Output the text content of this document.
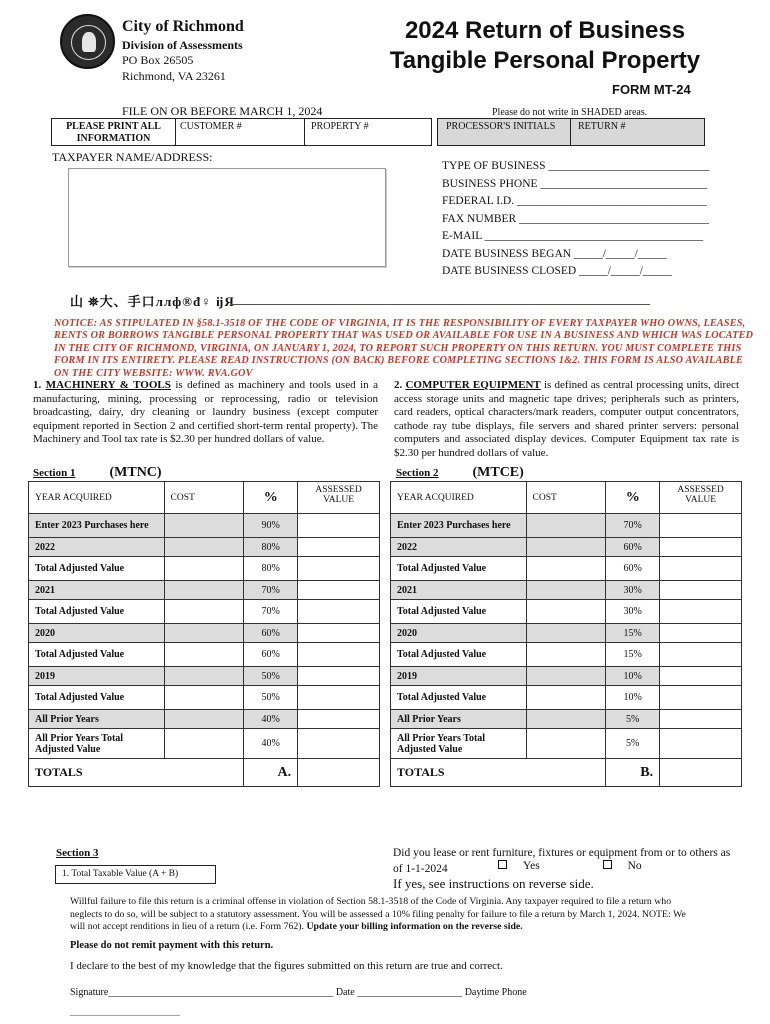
City of Richmond
Division of Assessments
PO Box 26505
Richmond, VA 23261
2024 Return of Business
Tangible Personal Property
FORM MT-24
FILE ON OR BEFORE MARCH 1, 2024	Please do not write in SHADED areas.
PLEASE PRINT ALL INFORMATION
CUSTOMER #	PROPERTY #	PROCESSOR'S INITIALS RETURN #
TAXPAYER NAME/ADDRESS:
TYPE OF BUSINESS ____________________________
BUSINESS PHONE _____________________________
FEDERAL I.D. _________________________________
FAX NUMBER _________________________________
E-MAIL ______________________________________
DATE BUSINESS BEGAN _____/_____/_____
DATE BUSINESS CLOSED _____/_____/_____
山 ⛯⼤、⼿口ллф®đ♀ ĳЯ
NOTICE: AS STIPULATED IN §58.1-3518 OF THE CODE OF VIRGINIA, IT IS THE RESPONSIBILITY OF EVERY TAXPAYER WHO OWNS, LEASES, RENTS OR BORROWS TANGIBLE PERSONAL PROPERTY THAT WAS USED OR AVAILABLE FOR USE IN A BUSINESS AND WHICH WAS LOCATED IN THE CITY OF RICHMOND, VIRGINIA, ON JANUARY 1, 2024, TO REPORT SUCH PROPERTY ON THIS RETURN. YOU MUST COMPLETE THIS FORM IN ITS ENTIRETY. PLEASE READ INSTRUCTIONS (ON BACK) BEFORE COMPLETING SECTIONS 1&2. THIS FORM IS ALSO AVAILABLE ON THE CITY WEBSITE: WWW. RVA.GOV
1. MACHINERY & TOOLS is defined as machinery and tools used in a manufacturing, mining, processing or reprocessing, radio or television broadcasting, dairy, dry cleaning or laundry business (except computer equipment reported in Section 2 and certified short-term rental property). The Machinery and Tool tax rate is $2.30 per hundred dollars of value.
2. COMPUTER EQUIPMENT is defined as central processing units, direct access storage units and magnetic tape drives; peripherals such as printers, card readers, optical characters/mark readers, computer output concentrators, cathode ray tube displays, file servers and shared printer servers: personal computers and associated display devices. Computer Equipment tax rate is $2.30 per hundred dollars of value.
Section 1 (MTNC)	Section 2 (MTCE)
YEAR ACQUIRED	COST	%	ASSESSED VALUE
Enter 2023 Purchases here		90%	
2022		80%	
Total Adjusted Value		80%	
2021		70%	
Total Adjusted Value		70%	
2020		60%	
Total Adjusted Value		60%	
2019		50%	
Total Adjusted Value		50%	
All Prior Years		40%	
All Prior Years Total Adjusted Value		40%	
TOTALS		A.	
YEAR ACQUIRED	COST	%	ASSESSED VALUE
Enter 2023 Purchases here		70%	
2022		60%	
Total Adjusted Value		60%	
2021		30%	
Total Adjusted Value		30%	
2020		15%	
Total Adjusted Value		15%	
2019		10%	
Total Adjusted Value		10%	
All Prior Years		5%	
All Prior Years Total Adjusted Value		5%	
TOTALS		B.	
Section 3
1. Total Taxable Value (A + B)
Did you lease or rent furniture, fixtures or equipment from or to others as of 1-1-2024	Yes	No
If yes, see instructions on reverse side.
Willful failure to file this return is a criminal offense in violation of Section 58.1-3518 of the Code of Virginia. Any taxpayer required to file a return who neglects to do so, will be subject to a statutory assessment. You will be assessed a 10% filing penalty for failure to file a return by March 1, 2024. NOTE: We will not accept renditions in lieu of a return (i.e. Form 762). Update your billing information on the reverse side.
Please do not remit payment with this return.
I declare to the best of my knowledge that the figures submitted on this return are true and correct.
Signature_____________________________________________ Date _____________________ Daytime Phone
______________________
